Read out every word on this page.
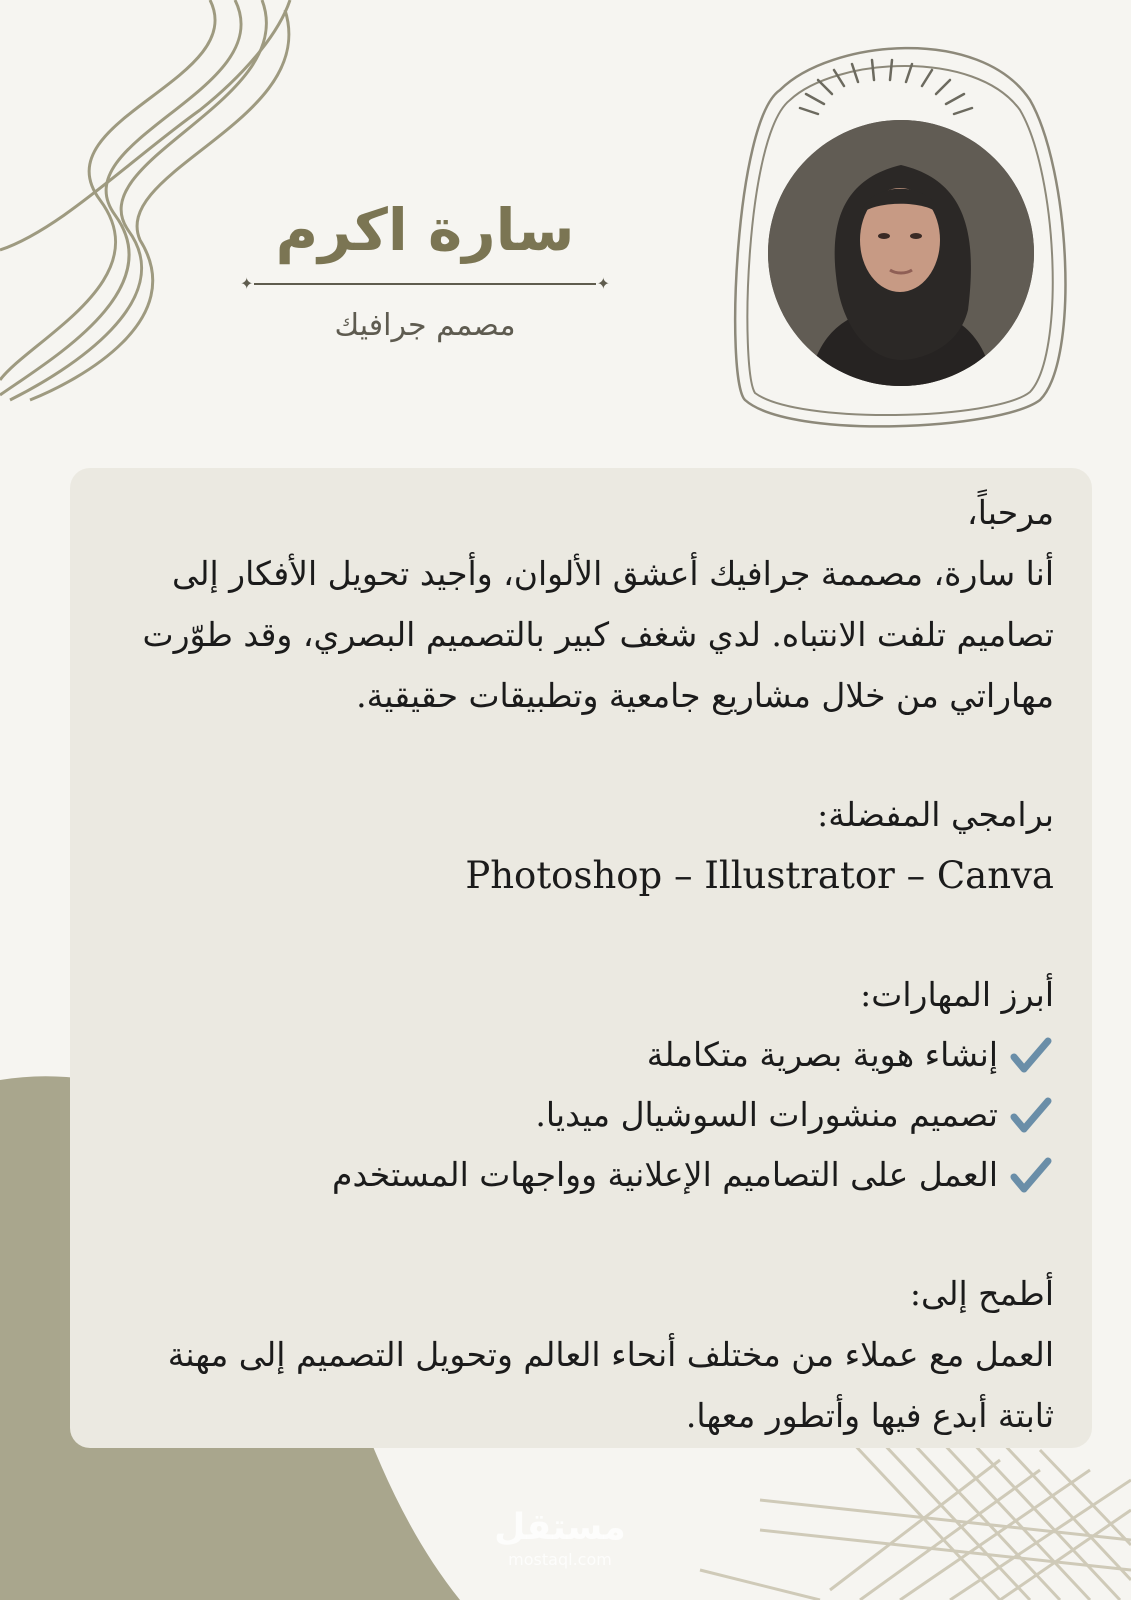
سارة اكرم
✦	✦
مصمم جرافيك
مرحباً،
أنا سارة، مصممة جرافيك أعشق الألوان، وأجيد تحويل الأفكار إلى
تصاميم تلفت الانتباه. لدي شغف كبير بالتصميم البصري، وقد طوّرت
مهاراتي من خلال مشاريع جامعية وتطبيقات حقيقية.
برامجي المفضلة:
Photoshop – Illustrator – Canva
أبرز المهارات:
إنشاء هوية بصرية متكاملة
تصميم منشورات السوشيال ميديا.
العمل على التصاميم الإعلانية وواجهات المستخدم
أطمح إلى:
العمل مع عملاء من مختلف أنحاء العالم وتحويل التصميم إلى مهنة
ثابتة أبدع فيها وأتطور معها.
مستقل
mostaql.com
